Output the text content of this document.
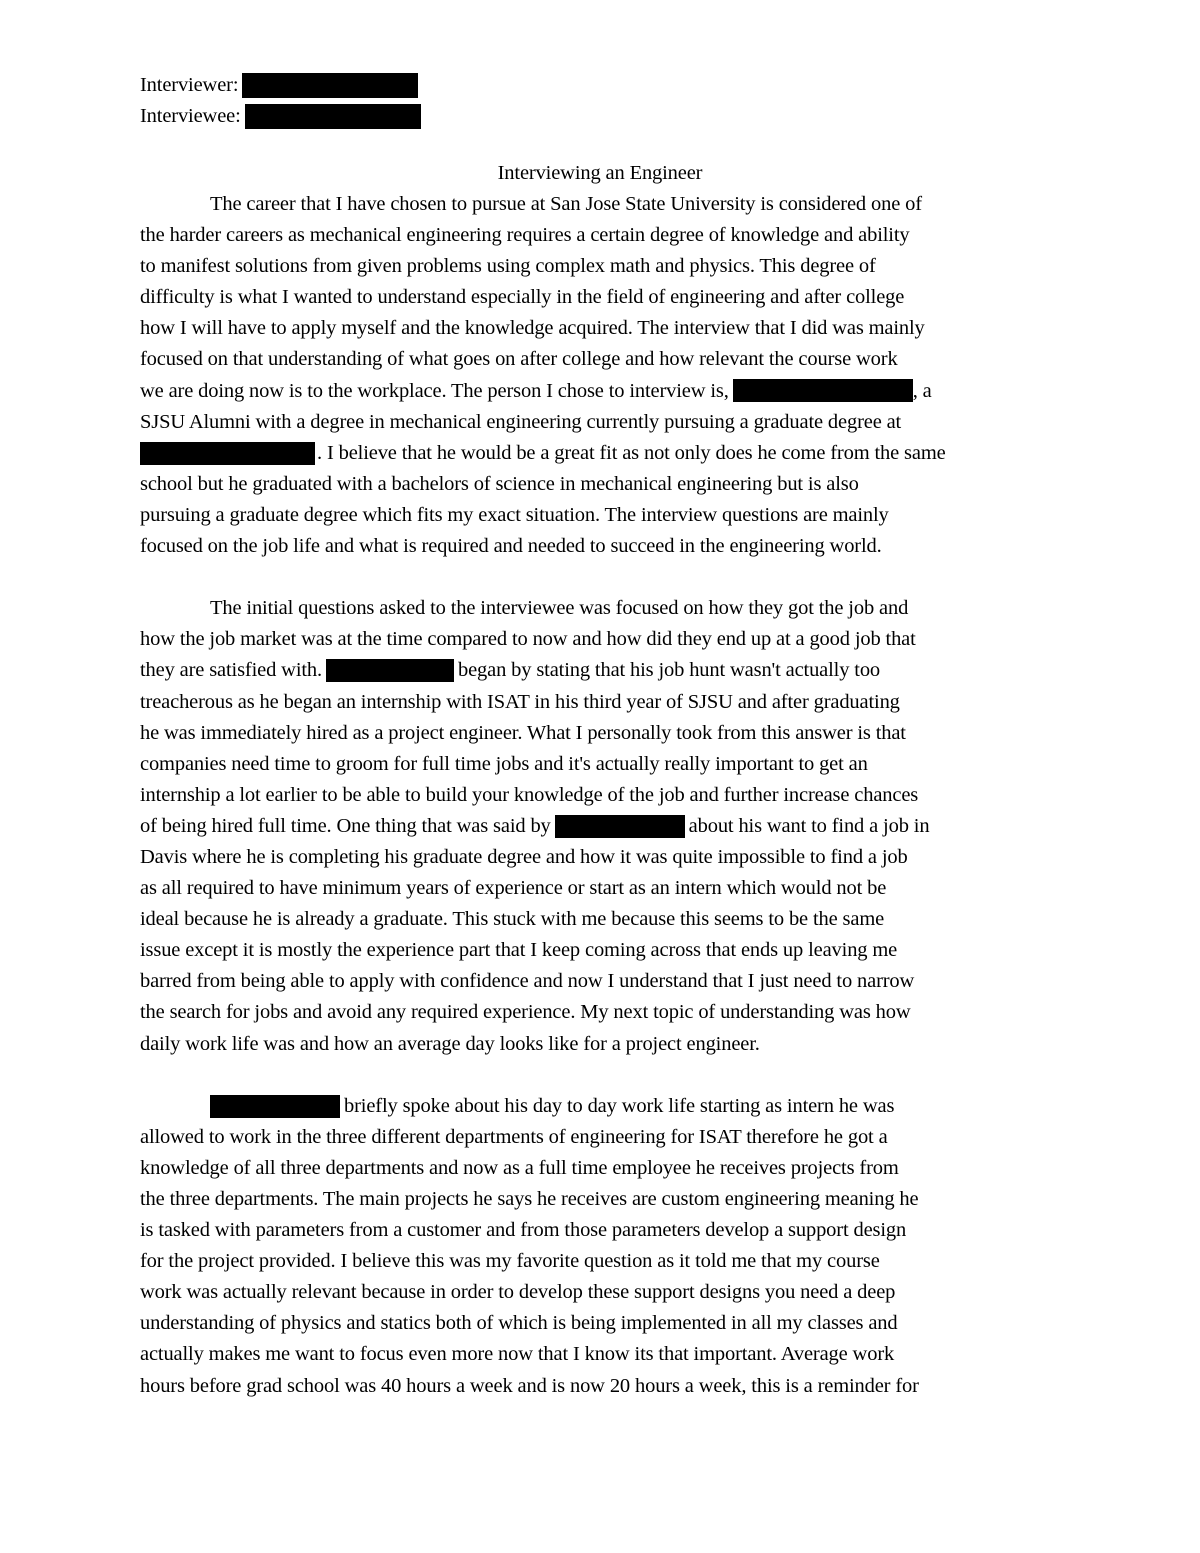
Interviewer:
Interviewee:
Interviewing an Engineer
The career that I have chosen to pursue at San Jose State University is considered one of
the harder careers as mechanical engineering requires a certain degree of knowledge and ability
to manifest solutions from given problems using complex math and physics. This degree of
difficulty is what I wanted to understand especially in the field of engineering and after college
how I will have to apply myself and the knowledge acquired. The interview that I did was mainly
focused on that understanding of what goes on after college and how relevant the course work
we are doing now is to the workplace. The person I chose to interview is,	, a
SJSU Alumni with a degree in mechanical engineering currently pursuing a graduate degree at
. I believe that he would be a great fit as not only does he come from the same
school but he graduated with a bachelors of science in mechanical engineering but is also
pursuing a graduate degree which fits my exact situation. The interview questions are mainly
focused on the job life and what is required and needed to succeed in the engineering world.
The initial questions asked to the interviewee was focused on how they got the job and
how the job market was at the time compared to now and how did they end up at a good job that
they are satisfied with.	began by stating that his job hunt wasn't actually too
treacherous as he began an internship with ISAT in his third year of SJSU and after graduating
he was immediately hired as a project engineer. What I personally took from this answer is that
companies need time to groom for full time jobs and it's actually really important to get an
internship a lot earlier to be able to build your knowledge of the job and further increase chances
of being hired full time. One thing that was said by	about his want to find a job in
Davis where he is completing his graduate degree and how it was quite impossible to find a job
as all required to have minimum years of experience or start as an intern which would not be
ideal because he is already a graduate. This stuck with me because this seems to be the same
issue except it is mostly the experience part that I keep coming across that ends up leaving me
barred from being able to apply with confidence and now I understand that I just need to narrow
the search for jobs and avoid any required experience. My next topic of understanding was how
daily work life was and how an average day looks like for a project engineer.
briefly spoke about his day to day work life starting as intern he was
allowed to work in the three different departments of engineering for ISAT therefore he got a
knowledge of all three departments and now as a full time employee he receives projects from
the three departments. The main projects he says he receives are custom engineering meaning he
is tasked with parameters from a customer and from those parameters develop a support design
for the project provided. I believe this was my favorite question as it told me that my course
work was actually relevant because in order to develop these support designs you need a deep
understanding of physics and statics both of which is being implemented in all my classes and
actually makes me want to focus even more now that I know its that important. Average work
hours before grad school was 40 hours a week and is now 20 hours a week, this is a reminder for
